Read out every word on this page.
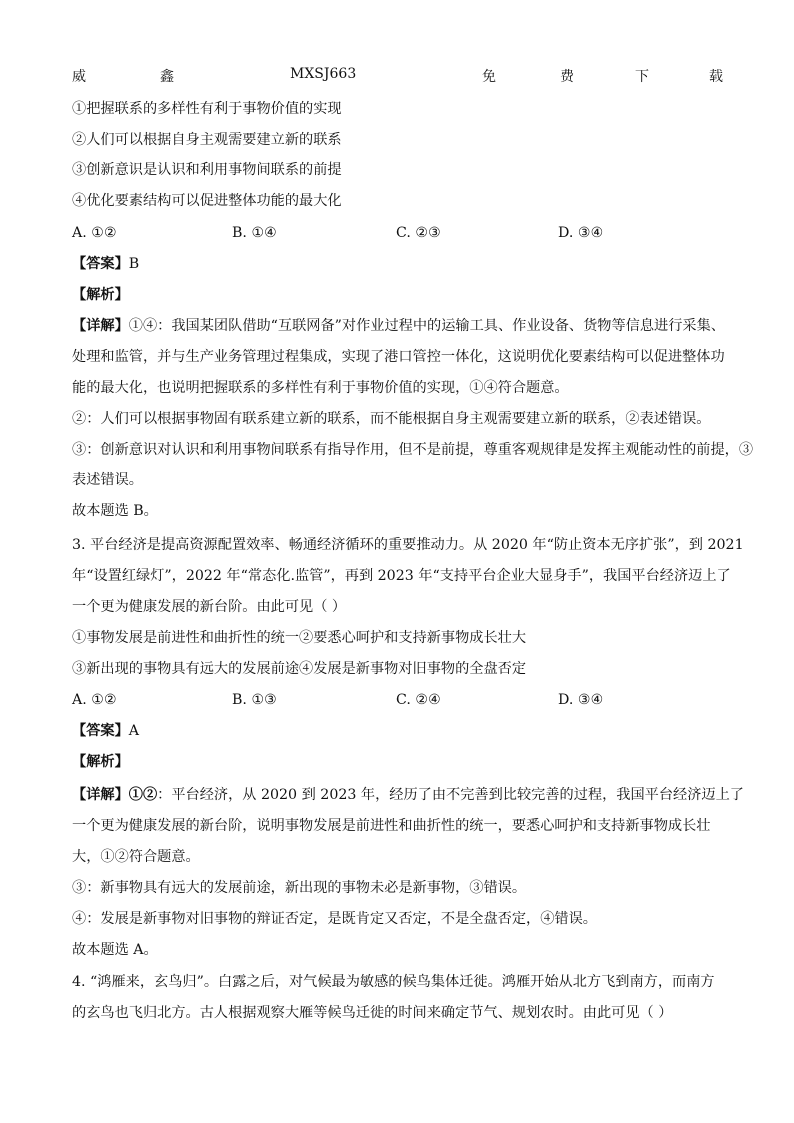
威	鑫	MXSJ663	免	费	下	载
①把握联系的多样性有利于事物价值的实现
②人们可以根据自身主观需要建立新的联系
③创新意识是认识和利用事物间联系的前提
④优化要素结构可以促进整体功能的最大化
A. ①②	B. ①④	C. ②③	D. ③④
【答案】B
【解析】
【详解】①④：我国某团队借助“互联网备”对作业过程中的运输工具、作业设备、货物等信息进行采集、
处理和监管，并与生产业务管理过程集成，实现了港口管控一体化，这说明优化要素结构可以促进整体功
能的最大化，也说明把握联系的多样性有利于事物价值的实现，①④符合题意。
②：人们可以根据事物固有联系建立新的联系，而不能根据自身主观需要建立新的联系，②表述错误。
③：创新意识对认识和利用事物间联系有指导作用，但不是前提，尊重客观规律是发挥主观能动性的前提，③
表述错误。
故本题选 B。
3. 平台经济是提高资源配置效率、畅通经济循环的重要推动力。从 2020 年“防止资本无序扩张”，到 2021
年“设置红绿灯”，2022 年“常态化.监管”，再到 2023 年“支持平台企业大显身手”，我国平台经济迈上了
一个更为健康发展的新台阶。由此可见（ ）
①事物发展是前进性和曲折性的统一②要悉心呵护和支持新事物成长壮大
③新出现的事物具有远大的发展前途④发展是新事物对旧事物的全盘否定
A. ①②	B. ①③	C. ②④	D. ③④
【答案】A
【解析】
【详解】①②：平台经济，从 2020 到 2023 年，经历了由不完善到比较完善的过程，我国平台经济迈上了
一个更为健康发展的新台阶，说明事物发展是前进性和曲折性的统一，要悉心呵护和支持新事物成长壮
大，①②符合题意。
③：新事物具有远大的发展前途，新出现的事物未必是新事物，③错误。
④：发展是新事物对旧事物的辩证否定，是既肯定又否定，不是全盘否定，④错误。
故本题选 A。
4. “鸿雁来，玄鸟归”。白露之后，对气候最为敏感的候鸟集体迁徙。鸿雁开始从北方飞到南方，而南方
的玄鸟也飞归北方。古人根据观察大雁等候鸟迁徙的时间来确定节气、规划农时。由此可见（ ）
